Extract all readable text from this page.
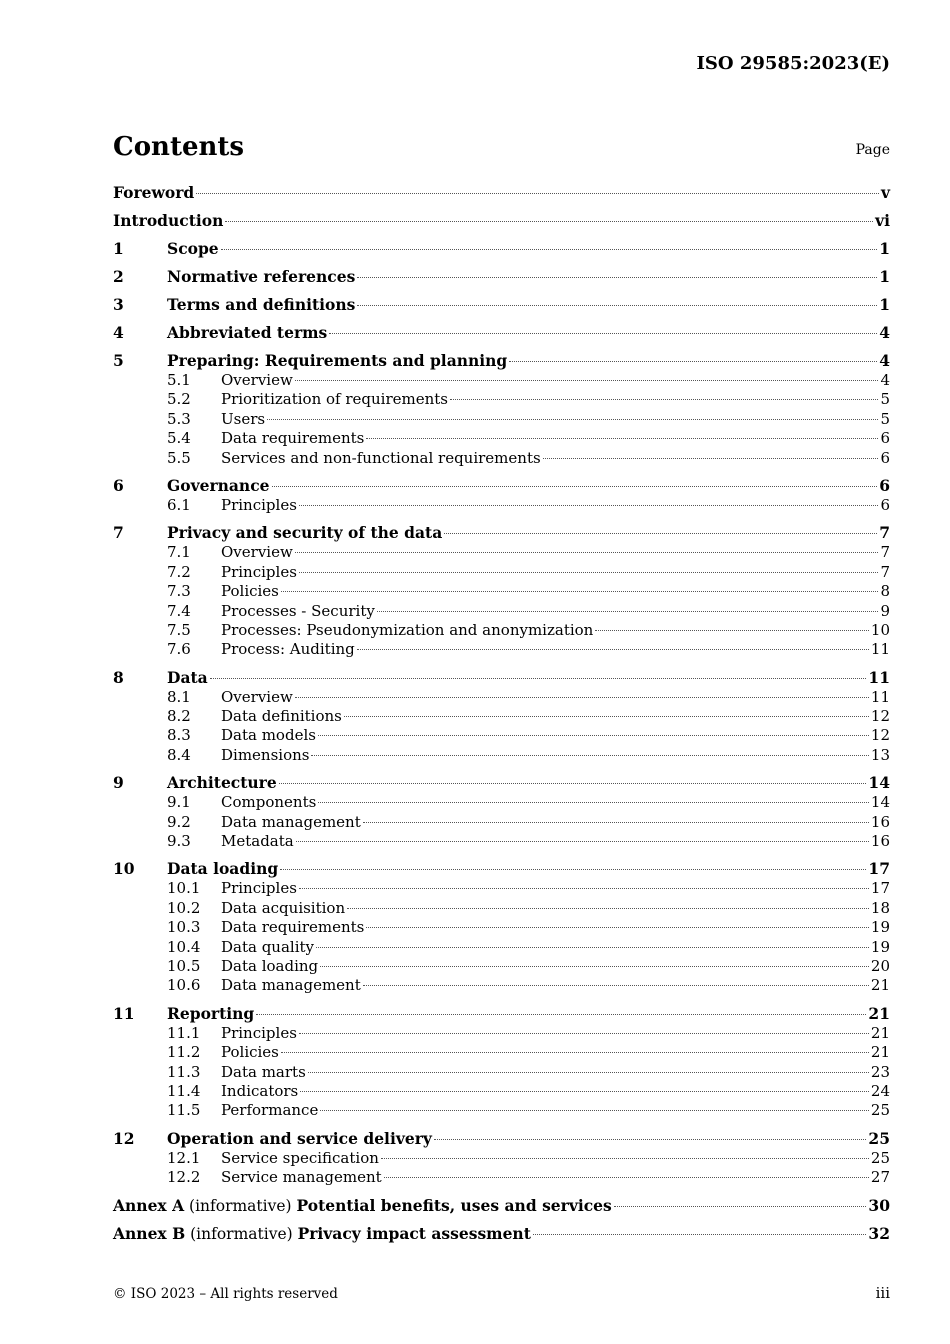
ISO 29585:2023(E)
Contents	Page
Foreword	v
Introduction	vi
1	Scope	1
2	Normative references	1
3	Terms and definitions	1
4	Abbreviated terms	4
5	Preparing: Requirements and planning	4
5.1	Overview	4
5.2	Prioritization of requirements	5
5.3	Users	5
5.4	Data requirements	6
5.5	Services and non-functional requirements	6
6	Governance	6
6.1	Principles	6
7	Privacy and security of the data	7
7.1	Overview	7
7.2	Principles	7
7.3	Policies	8
7.4	Processes - Security	9
7.5	Processes: Pseudonymization and anonymization	10
7.6	Process: Auditing	11
8	Data	11
8.1	Overview	11
8.2	Data definitions	12
8.3	Data models	12
8.4	Dimensions	13
9	Architecture	14
9.1	Components	14
9.2	Data management	16
9.3	Metadata	16
10	Data loading	17
10.1	Principles	17
10.2	Data acquisition	18
10.3	Data requirements	19
10.4	Data quality	19
10.5	Data loading	20
10.6	Data management	21
11	Reporting	21
11.1	Principles	21
11.2	Policies	21
11.3	Data marts	23
11.4	Indicators	24
11.5	Performance	25
12	Operation and service delivery	25
12.1	Service specification	25
12.2	Service management	27
Annex A (informative) Potential benefits, uses and services	30
Annex B (informative) Privacy impact assessment	32
© ISO 2023 – All rights reserved	iii
